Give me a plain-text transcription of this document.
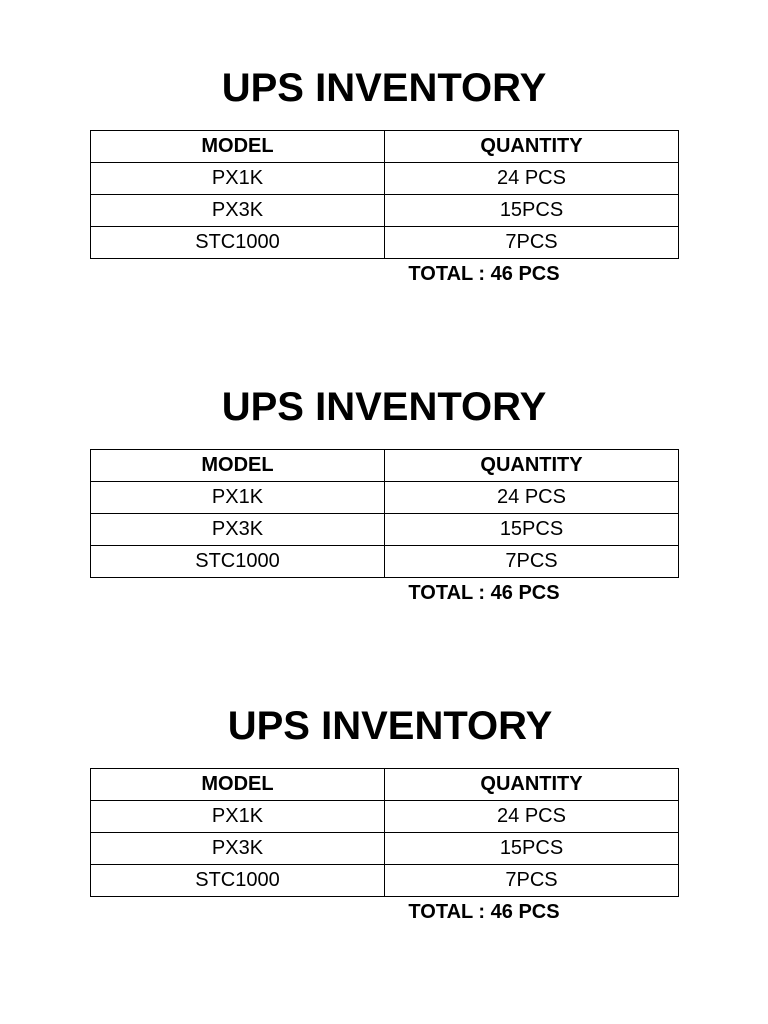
UPS INVENTORY
MODEL	QUANTITY
PX1K	24 PCS
PX3K	15PCS
STC1000	7PCS
TOTAL : 46 PCS
UPS INVENTORY
MODEL	QUANTITY
PX1K	24 PCS
PX3K	15PCS
STC1000	7PCS
TOTAL : 46 PCS
UPS INVENTORY
MODEL	QUANTITY
PX1K	24 PCS
PX3K	15PCS
STC1000	7PCS
TOTAL : 46 PCS
